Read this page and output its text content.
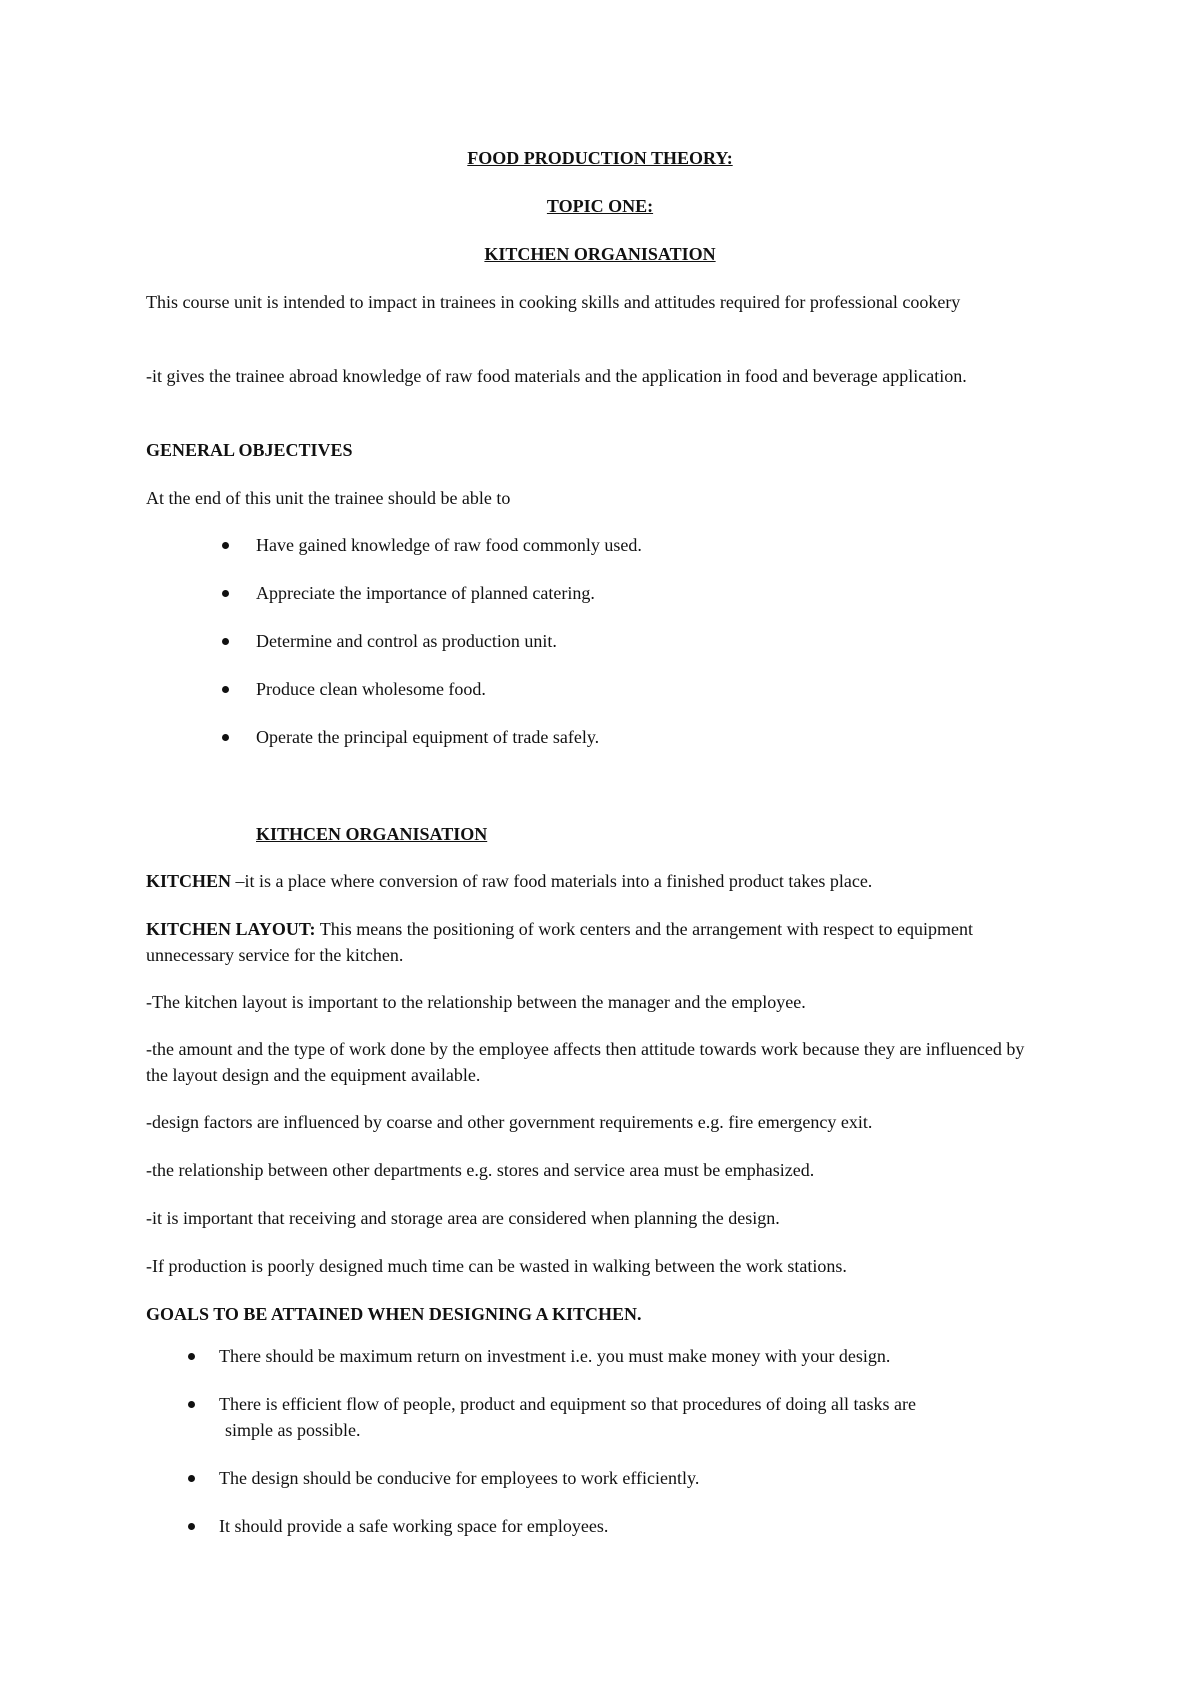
FOOD PRODUCTION THEORY:
TOPIC ONE:
KITCHEN ORGANISATION
This course unit is intended to impact in trainees in cooking skills and attitudes required for professional cookery
-it gives the trainee abroad knowledge of raw food materials and the application in food and beverage application.
GENERAL OBJECTIVES
At the end of this unit the trainee should be able to
Have gained knowledge of raw food commonly used.
Appreciate the importance of planned catering.
Determine and control as production unit.
Produce clean wholesome food.
Operate the principal equipment of trade safely.
KITHCEN ORGANISATION
KITCHEN –it is a place where conversion of raw food materials into a finished product takes place.
KITCHEN LAYOUT: This means the positioning of work centers and the arrangement with respect to equipment unnecessary service for the kitchen.
-The kitchen layout is important to the relationship between the manager and the employee.
-the amount and the type of work done by the employee affects then attitude towards work because they are influenced by the layout design and the equipment available.
-design factors are influenced by coarse and other government requirements e.g. fire emergency exit.
-the relationship between other departments e.g. stores and service area must be emphasized.
-it is important that receiving and storage area are considered when planning the design.
-If production is poorly designed much time can be wasted in walking between the work stations.
GOALS TO BE ATTAINED WHEN DESIGNING A KITCHEN.
There should be maximum return on investment i.e. you must make money with your design.
There is efficient flow of people, product and equipment so that procedures of doing all tasks are
simple as possible.
The design should be conducive for employees to work efficiently.
It should provide a safe working space for employees.
